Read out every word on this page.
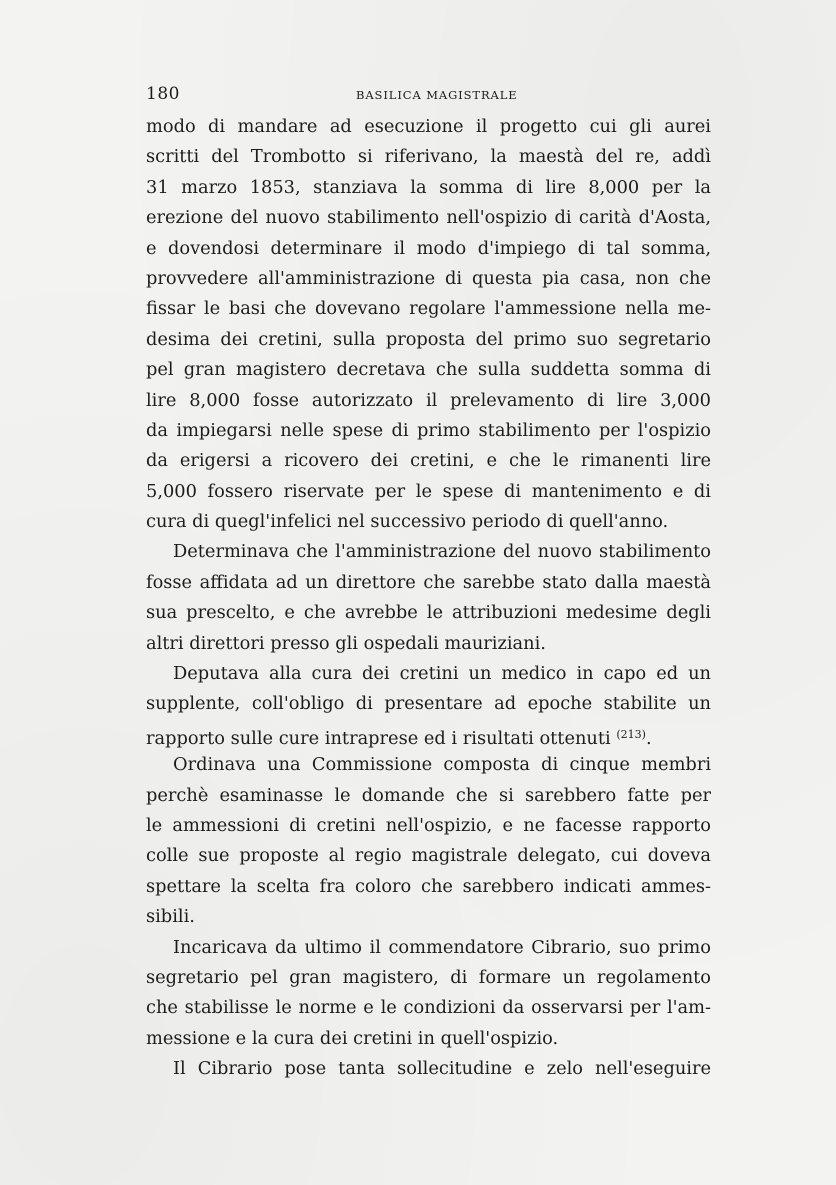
180	BASILICA MAGISTRALE
modo di mandare ad esecuzione il progetto cui gli aurei
scritti del Trombotto si riferivano, la maestà del re, addì
31 marzo 1853, stanziava la somma di lire 8,000 per la
erezione del nuovo stabilimento nell'ospizio di carità d'Aosta,
e dovendosi determinare il modo d'impiego di tal somma,
provvedere all'amministrazione di questa pia casa, non che
fissar le basi che dovevano regolare l'ammessione nella me-
desima dei cretini, sulla proposta del primo suo segretario
pel gran magistero decretava che sulla suddetta somma di
lire 8,000 fosse autorizzato il prelevamento di lire 3,000
da impiegarsi nelle spese di primo stabilimento per l'ospizio
da erigersi a ricovero dei cretini, e che le rimanenti lire
5,000 fossero riservate per le spese di mantenimento e di
cura di quegl'infelici nel successivo periodo di quell'anno.
Determinava che l'amministrazione del nuovo stabilimento
fosse affidata ad un direttore che sarebbe stato dalla maestà
sua prescelto, e che avrebbe le attribuzioni medesime degli
altri direttori presso gli ospedali mauriziani.
Deputava alla cura dei cretini un medico in capo ed un
supplente, coll'obligo di presentare ad epoche stabilite un
rapporto sulle cure intraprese ed i risultati ottenuti $^{(213)}$.
Ordinava una Commissione composta di cinque membri
perchè esaminasse le domande che si sarebbero fatte per
le ammessioni di cretini nell'ospizio, e ne facesse rapporto
colle sue proposte al regio magistrale delegato, cui doveva
spettare la scelta fra coloro che sarebbero indicati ammes-
sibili.
Incaricava da ultimo il commendatore Cibrario, suo primo
segretario pel gran magistero, di formare un regolamento
che stabilisse le norme e le condizioni da osservarsi per l'am-
messione e la cura dei cretini in quell'ospizio.
Il Cibrario pose tanta sollecitudine e zelo nell'eseguire
